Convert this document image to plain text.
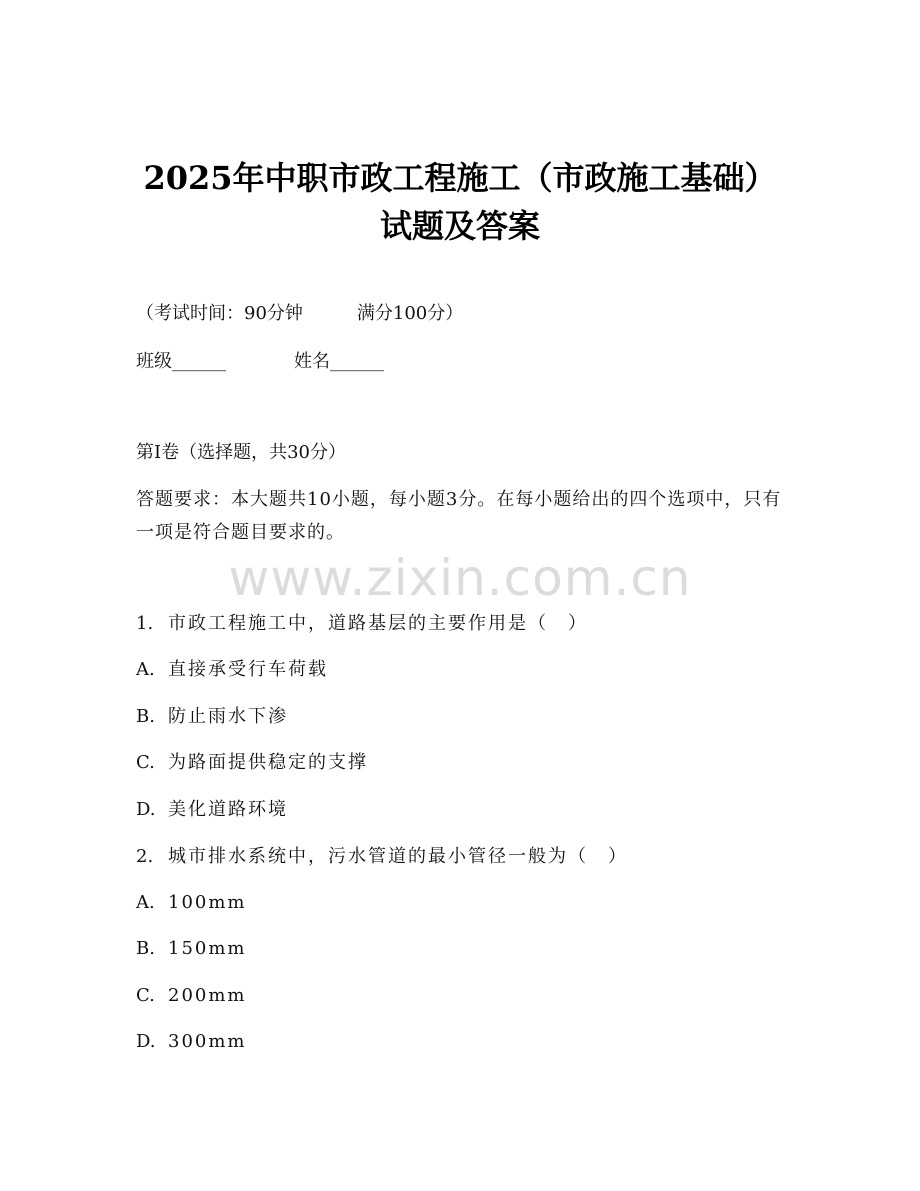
2025年中职市政工程施工（市政施工基础）
试题及答案
（考试时间：90分钟　　　满分100分）
班级______	姓名______
第Ⅰ卷（选择题，共30分）
答题要求：本大题共10小题，每小题3分。在每小题给出的四个选项中，只有一项是符合题目要求的。
www.zixin.com.cn
1. 市政工程施工中，道路基层的主要作用是（　）
A. 直接承受行车荷载
B. 防止雨水下渗
C. 为路面提供稳定的支撑
D. 美化道路环境
2. 城市排水系统中，污水管道的最小管径一般为（　）
A. 100mm
B. 150mm
C. 200mm
D. 300mm
